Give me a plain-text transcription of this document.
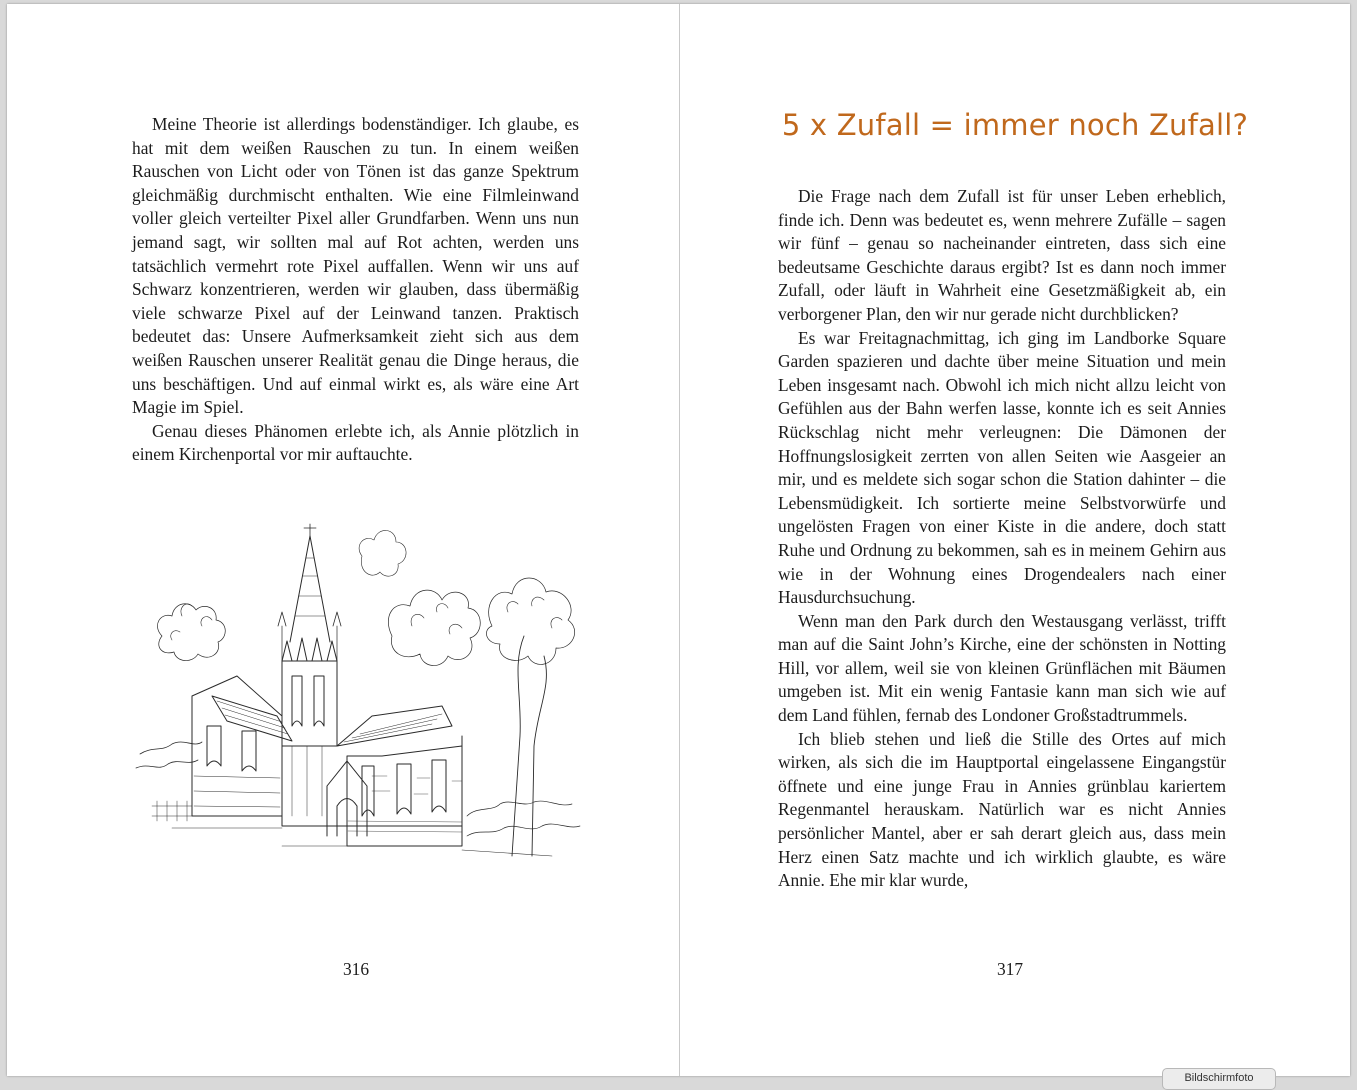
Meine Theorie ist allerdings bodenständiger. Ich glaube, es hat mit dem weißen Rauschen zu tun. In einem weißen Rauschen von Licht oder von Tönen ist das ganze Spektrum gleichmäßig durchmischt enthalten. Wie eine Filmleinwand voller gleich verteilter Pixel aller Grundfarben. Wenn uns nun jemand sagt, wir sollten mal auf Rot achten, werden uns tatsächlich vermehrt rote Pixel auffallen. Wenn wir uns auf Schwarz konzentrieren, werden wir glauben, dass übermäßig viele schwarze Pixel auf der Leinwand tanzen. Praktisch bedeutet das: Unsere Aufmerksamkeit zieht sich aus dem weißen Rauschen unserer Realität genau die Dinge heraus, die uns beschäftigen. Und auf einmal wirkt es, als wäre eine Art Magie im Spiel.

Genau dieses Phänomen erlebte ich, als Annie plötzlich in einem Kirchenportal vor mir auftauchte.

316
5 x Zufall = immer noch Zufall?

Die Frage nach dem Zufall ist für unser Leben erheblich, finde ich. Denn was bedeutet es, wenn mehrere Zufälle – sagen wir fünf – genau so nacheinander eintreten, dass sich eine bedeutsame Geschichte daraus ergibt? Ist es dann noch immer Zufall, oder läuft in Wahrheit eine Gesetzmäßigkeit ab, ein verborgener Plan, den wir nur gerade nicht durchblicken?

Es war Freitagnachmittag, ich ging im Landborke Square Garden spazieren und dachte über meine Situation und mein Leben insgesamt nach. Obwohl ich mich nicht allzu leicht von Gefühlen aus der Bahn werfen lasse, konnte ich es seit Annies Rückschlag nicht mehr verleugnen: Die Dämonen der Hoffnungslosigkeit zerrten von allen Seiten wie Aasgeier an mir, und es meldete sich sogar schon die Station dahinter – die Lebensmüdigkeit. Ich sortierte meine Selbstvorwürfe und ungelösten Fragen von einer Kiste in die andere, doch statt Ruhe und Ordnung zu bekommen, sah es in meinem Gehirn aus wie in der Wohnung eines Drogendealers nach einer Hausdurchsuchung.

Wenn man den Park durch den Westausgang verlässt, trifft man auf die Saint John’s Kirche, eine der schönsten in Notting Hill, vor allem, weil sie von kleinen Grünflächen mit Bäumen umgeben ist. Mit ein wenig Fantasie kann man sich wie auf dem Land fühlen, fernab des Londoner Großstadtrummels.

Ich blieb stehen und ließ die Stille des Ortes auf mich wirken, als sich die im Hauptportal eingelassene Eingangstür öffnete und eine junge Frau in Annies grünblau kariertem Regenmantel herauskam. Natürlich war es nicht Annies persönlicher Mantel, aber er sah derart gleich aus, dass mein Herz einen Satz machte und ich wirklich glaubte, es wäre Annie. Ehe mir klar wurde,

317
Bildschirmfoto
